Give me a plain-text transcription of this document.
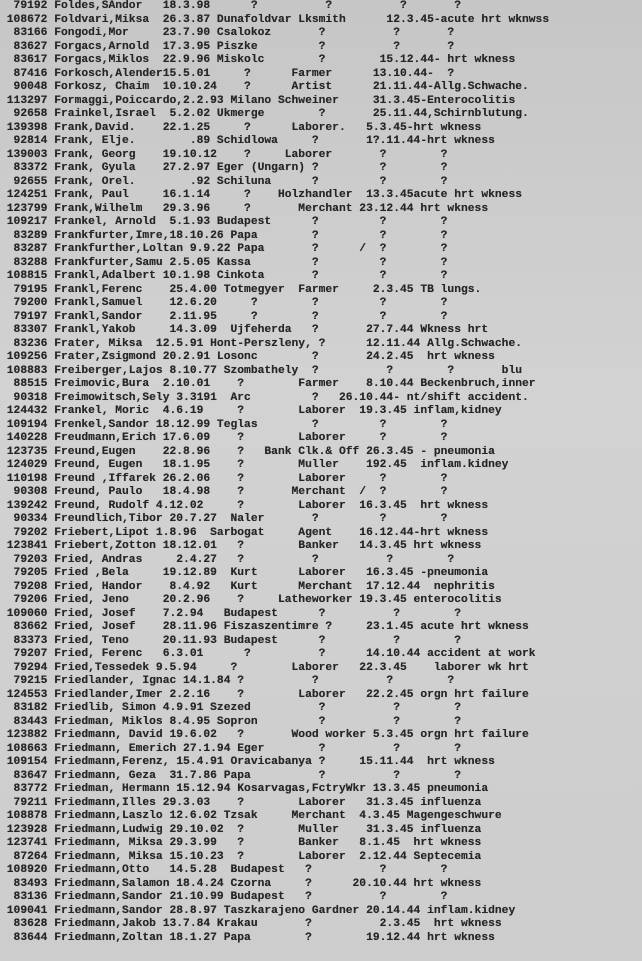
79192 Foldes,SAndor   18.3.98      ?          ?          ?       ?
108672 Foldvari,Miksa  26.3.87 Dunafoldvar Lksmith      12.3.45-acute hrt wknwss
83166 Fongodi,Mor     23.7.90 Csalokoz       ?          ?       ?
83627 Forgacs,Arnold  17.3.95 Piszke         ?          ?       ?
83617 Forgacs,Miklos  22.9.96 Miskolc        ?        15.12.44- hrt wkness
87416 Forkosch,Alender15.5.01     ?      Farmer      13.10.44-  ?
90048 Forkosz, Chaim  10.10.24    ?      Artist      21.11.44-Allg.Schwache.
113297 Formaggi,Poiccardo,2.2.93 Milano Schweiner     31.3.45-Enterocolitis
92658 Frainkel,Israel  5.2.02 Ukmerge        ?       25.11.44,Schirnblutung.
139398 Frank,David.    22.1.25     ?      Laborer.   5.3.45-hrt wkness
92814 Frank, Elje.        .89 Schidlowa     ?       1?.11.44-hrt wkness
139003 Frank, Georg    19.10.12    ?     Laborer       ?        ?
83372 Frank, Gyula    27.2.97 Eger (Ungarn) ?         ?        ?
92655 Frank, Orel.        .92 Schiluna      ?         ?        ?
124251 Frank, Paul     16.1.14     ?    Holzhandler  13.3.45acute hrt wkness
123799 Frank,Wilhelm   29.3.96     ?       Merchant 23.12.44 hrt wkness
109217 Frankel, Arnold  5.1.93 Budapest      ?         ?        ?
83289 Frankfurter,Imre,18.10.26 Papa        ?         ?        ?
83287 Frankfurther,Loltan 9.9.22 Papa       ?      /  ?        ?
83288 Frankfurter,Samu 2.5.05 Kassa         ?         ?        ?
108815 Frankl,Adalbert 10.1.98 Cinkota       ?         ?        ?
79195 Frankl,Ferenc    25.4.00 Totmegyer  Farmer     2.3.45 TB lungs.
79200 Frankl,Samuel    12.6.20     ?        ?         ?        ?
79197 Frankl,Sandor    2.11.95     ?        ?         ?        ?
83307 Frankl,Yakob     14.3.09  Ujfeherda   ?       27.7.44 Wkness hrt
83236 Frater, Miksa  12.5.91 Hont-Perszleny, ?      12.11.44 Allg.Schwache.
109256 Frater,Zsigmond 20.2.91 Losonc        ?       24.2.45  hrt wkness
108883 Freiberger,Lajos 8.10.77 Szombathely  ?          ?        ?       blu
88515 Freimovic,Bura  2.10.01    ?        Farmer    8.10.44 Beckenbruch,inner
90318 Freimowitsch,Sely 3.3191  Arc         ?   26.10.44- nt/shift accident.
124432 Frankel, Moric  4.6.19     ?        Laborer  19.3.45 inflam,kidney
109194 Frenkel,Sandor 18.12.99 Teglas        ?         ?        ?
140228 Freudmann,Erich 17.6.09    ?        Laborer     ?        ?
123735 Freund,Eugen    22.8.96    ?   Bank Clk.& Off 26.3.45 - pneumonia
124029 Freund, Eugen   18.1.95    ?        Muller    192.45  inflam.kidney
110198 Freund ,Iffarek 26.2.06    ?        Laborer     ?        ?
90308 Freund, Paulo   18.4.98    ?       Merchant  /  ?        ?
139242 Freund, Rudolf 4.12.02     ?        Laborer  16.3.45  hrt wkness
90334 Freundlich,Tibor 20.7.27  Naler       ?         ?        ?
79202 Friebert,Lipot 1.8.96  Sarbogat     Agent    16.12.44-hrt wkness
123841 Friebert,Zotton 18.12.01   ?        Banker   14.3.45 hrt wkness
79203 Fried, Andras     2.4.27   ?          ?          ?        ?
79205 Fried ,Bela     19.12.89  Kurt      Laborer   16.3.45 -pneumonia
79208 Fried, Handor    8.4.92   Kurt      Merchant  17.12.44  nephritis
79206 Fried, Jeno     20.2.96    ?     Latheworker 19.3.45 enterocolitis
109060 Fried, Josef    7.2.94   Budapest      ?          ?        ?
83662 Fried, Josef    28.11.96 Fiszaszentimre ?     23.1.45 acute hrt wkness
83373 Fried, Teno     20.11.93 Budapest      ?          ?        ?
79207 Fried, Ferenc   6.3.01      ?          ?      14.10.44 accident at work
79294 Fried,Tessedek 9.5.94     ?        Laborer   22.3.45    laborer wk hrt
79215 Friedlander, Ignac 14.1.84 ?          ?          ?        ?
124553 Friedlander,Imer 2.2.16    ?        Laborer   22.2.45 orgn hrt failure
83182 Friedlib, Simon 4.9.91 Szezed          ?          ?        ?
83443 Friedman, Miklos 8.4.95 Sopron         ?          ?        ?
123882 Friedmann, David 19.6.02   ?       Wood worker 5.3.45 orgn hrt failure
108663 Friedmann, Emerich 27.1.94 Eger        ?          ?        ?
109154 Friedmann,Ferenz, 15.4.91 Oravicabanya ?     15.11.44  hrt wkness
83647 Friedmann, Geza  31.7.86 Papa          ?          ?        ?
83772 Friedman, Hermann 15.12.94 Kosarvagas,FctryWkr 13.3.45 pneumonia
79211 Friedmann,Illes 29.3.03    ?        Laborer   31.3.45 influenza
108878 Friedmann,Laszlo 12.6.02 Tzsak     Merchant  4.3.45 Magengeschwure
123928 Friedmann,Ludwig 29.10.02  ?        Muller    31.3.45 influenza
123741 Friedmann, Miksa 29.3.99   ?        Banker   8.1.45  hrt wkness
87264 Friedmann, Miksa 15.10.23  ?        Laborer  2.12.44 Septecemia
108920 Friedmann,Otto   14.5.28  Budapest   ?          ?        ?
83493 Friedmann,Salamon 18.4.24 Czorna     ?      20.10.44 hrt wkness
83136 Friedmann,Sandor 21.10.99 Budapest   ?          ?        ?
109041 Friedmann,Sandor 28.8.97 Taszkarajeno Gardner 20.14.44 inflam.kidney
83628 Friedmann,Jakob 13.7.84 Krakau       ?          2.3.45  hrt wkness
83644 Friedmann,Zoltan 18.1.27 Papa        ?        19.12.44 hrt wkness
